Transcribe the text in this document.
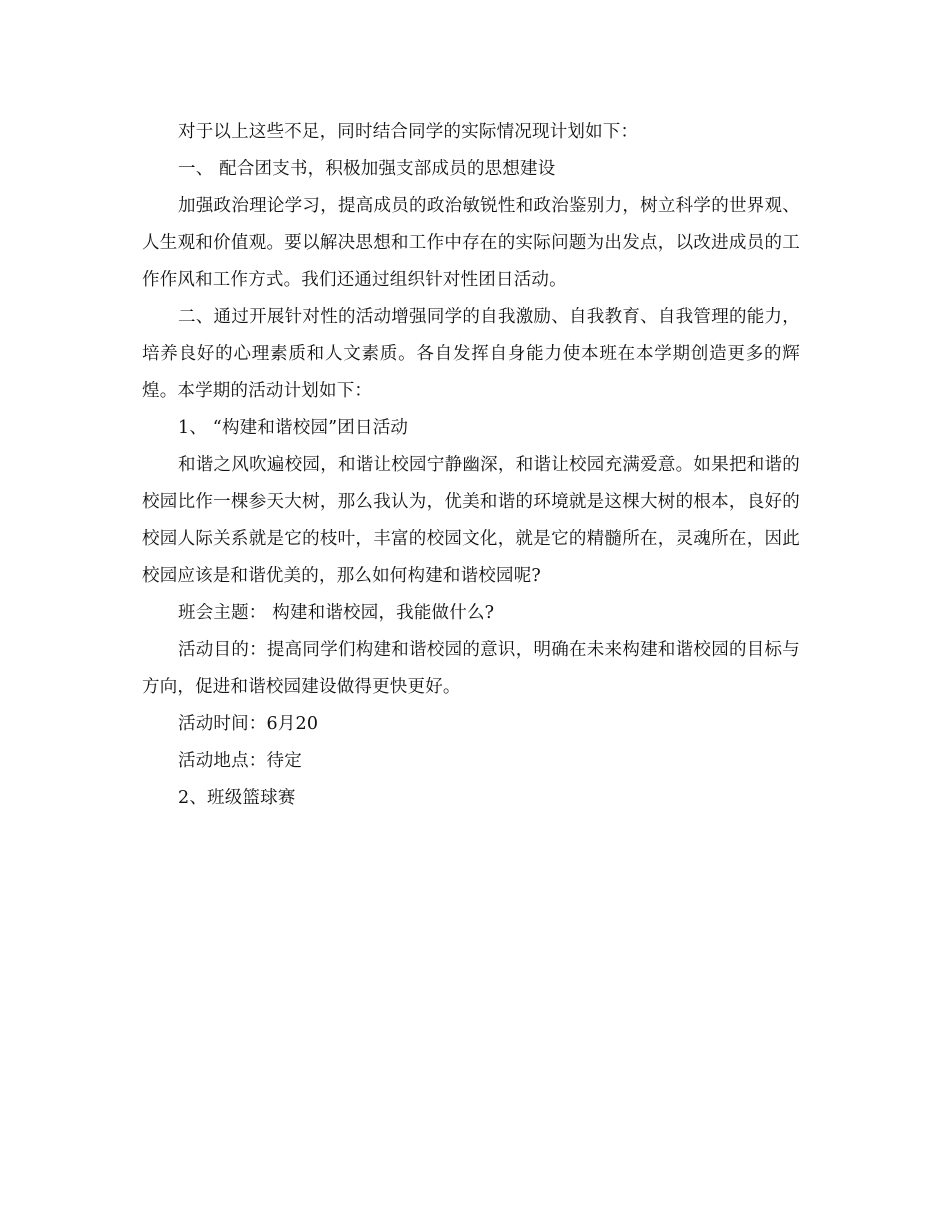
对于以上这些不足，同时结合同学的实际情况现计划如下：

一、 配合团支书，积极加强支部成员的思想建设

加强政治理论学习，提高成员的政治敏锐性和政治鉴别力，树立科学的世界观、人生观和价值观。要以解决思想和工作中存在的实际问题为出发点，以改进成员的工作作风和工作方式。我们还通过组织针对性团日活动。

二、通过开展针对性的活动增强同学的自我激励、自我教育、自我管理的能力，培养良好的心理素质和人文素质。各自发挥自身能力使本班在本学期创造更多的辉煌。本学期的活动计划如下：

1、 “构建和谐校园”团日活动

和谐之风吹遍校园，和谐让校园宁静幽深，和谐让校园充满爱意。如果把和谐的校园比作一棵参天大树，那么我认为，优美和谐的环境就是这棵大树的根本，良好的校园人际关系就是它的枝叶，丰富的校园文化，就是它的精髓所在，灵魂所在，因此校园应该是和谐优美的，那么如何构建和谐校园呢?

班会主题： 构建和谐校园，我能做什么?

活动目的：提高同学们构建和谐校园的意识，明确在未来构建和谐校园的目标与方向，促进和谐校园建设做得更快更好。

活动时间：6月20

活动地点：待定

2、班级篮球赛
